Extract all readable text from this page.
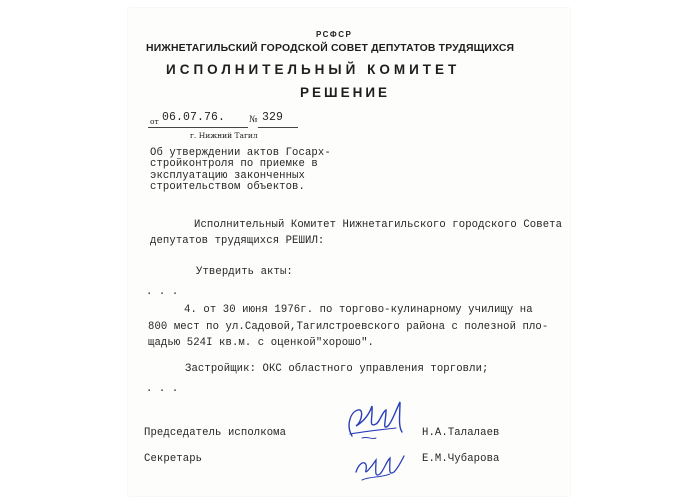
РСФСР
НИЖНЕТАГИЛЬСКИЙ ГОРОДСКОЙ СОВЕТ ДЕПУТАТОВ ТРУДЯЩИХСЯ
ИСПОЛНИТЕЛЬНЫЙ КОМИТЕТ
РЕШЕНИЕ
от 06.07.76.	№ 329
г. Нижний Тагил
Об утверждении актов Госарх-
стройконтроля по приемке в
эксплуатацию законченных
строительством объектов.
Исполнительный Комитет Нижнетагильского городского Совета
депутатов трудящихся РЕШИЛ:
Утвердить акты:
. . .
4. от 30 июня 1976г. по торгово-кулинарному училищу на
800 мест по ул.Садовой,Тагилстроевского района с полезной пло-
щадью 524I кв.м. с оценкой"хорошо".
Застройщик: ОКС областного управления торговли;
. . .
Председатель исполкома	Н.А.Талалаев
Секретарь	Е.М.Чубарова
